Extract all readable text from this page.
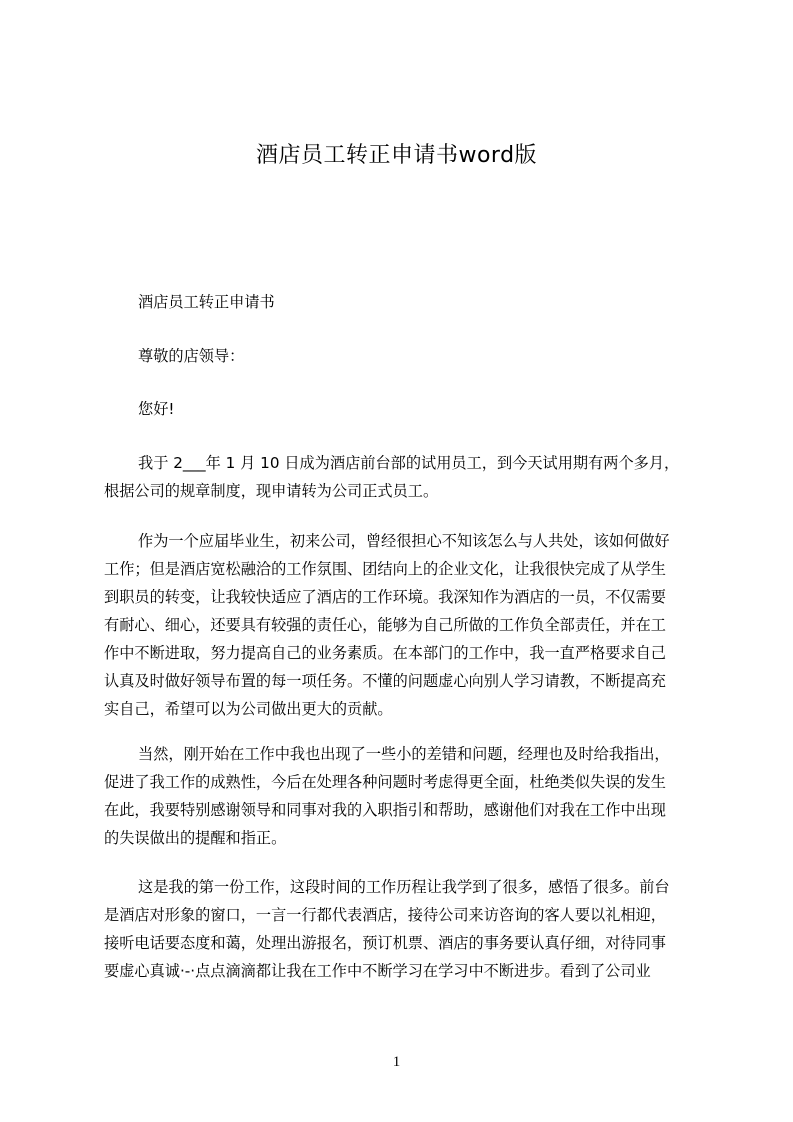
酒店员工转正申请书word版
酒店员工转正申请书
尊敬的店领导：
您好!
我于 2___年 1 月 10 日成为酒店前台部的试用员工，到今天试用期有两个多月，
根据公司的规章制度，现申请转为公司正式员工。
作为一个应届毕业生，初来公司，曾经很担心不知该怎么与人共处，该如何做好
工作；但是酒店宽松融洽的工作氛围、团结向上的企业文化，让我很快完成了从学生
到职员的转变，让我较快适应了酒店的工作环境。我深知作为酒店的一员，不仅需要
有耐心、细心，还要具有较强的责任心，能够为自己所做的工作负全部责任，并在工
作中不断进取，努力提高自己的业务素质。在本部门的工作中，我一直严格要求自己
认真及时做好领导布置的每一项任务。不懂的问题虚心向别人学习请教，不断提高充
实自己，希望可以为公司做出更大的贡献。
当然，刚开始在工作中我也出现了一些小的差错和问题，经理也及时给我指出，
促进了我工作的成熟性，今后在处理各种问题时考虑得更全面，杜绝类似失误的发生
在此，我要特别感谢领导和同事对我的入职指引和帮助，感谢他们对我在工作中出现
的失误做出的提醒和指正。
这是我的第一份工作，这段时间的工作历程让我学到了很多，感悟了很多。前台
是酒店对形象的窗口，一言一行都代表酒店，接待公司来访咨询的客人要以礼相迎，
接听电话要态度和蔼，处理出游报名，预订机票、酒店的事务要认真仔细，对待同事
要虚心真诚·-·点点滴滴都让我在工作中不断学习在学习中不断进步。看到了公司业
1
